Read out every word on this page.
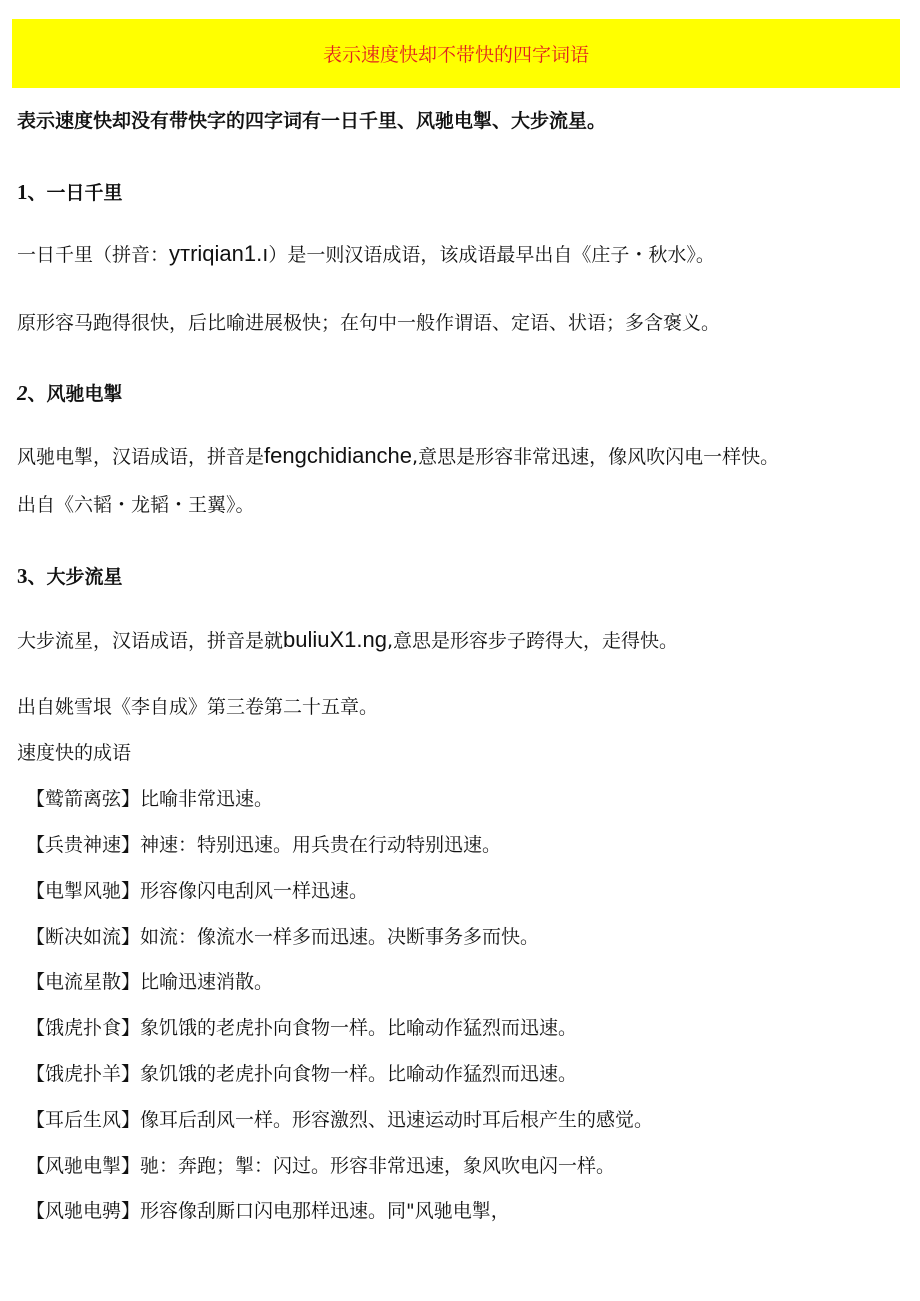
表示速度快却不带快的四字词语
表示速度快却没有带快字的四字词有一日千里、风驰电掣、大步流星。
1、一日千里
一日千里（拼音：yтriqian1.ı）是一则汉语成语，该成语最早出自《庄子・秋水》。
原形容马跑得很快，后比喻进展极快；在句中一般作谓语、定语、状语；多含褒义。
2、风驰电掣
风驰电掣，汉语成语，拼音是fengchidianche,意思是形容非常迅速，像风吹闪电一样快。
出自《六韬・龙韬・王翼》。
3、大步流星
大步流星，汉语成语，拼音是就buliuX1.ng,意思是形容步子跨得大，走得快。
出自姚雪垠《李自成》第三卷第二十五章。
速度快的成语
【鹫箭离弦】比喻非常迅速。
【兵贵神速】神速：特别迅速。用兵贵在行动特别迅速。
【电掣风驰】形容像闪电刮风一样迅速。
【断决如流】如流：像流水一样多而迅速。决断事务多而快。
【电流星散】比喻迅速消散。
【饿虎扑食】象饥饿的老虎扑向食物一样。比喻动作猛烈而迅速。
【饿虎扑羊】象饥饿的老虎扑向食物一样。比喻动作猛烈而迅速。
【耳后生风】像耳后刮风一样。形容激烈、迅速运动时耳后根产生的感觉。
【风驰电掣】驰：奔跑；掣：闪过。形容非常迅速，象风吹电闪一样。
【风驰电骋】形容像刮厮口闪电那样迅速。同"风驰电掣，
